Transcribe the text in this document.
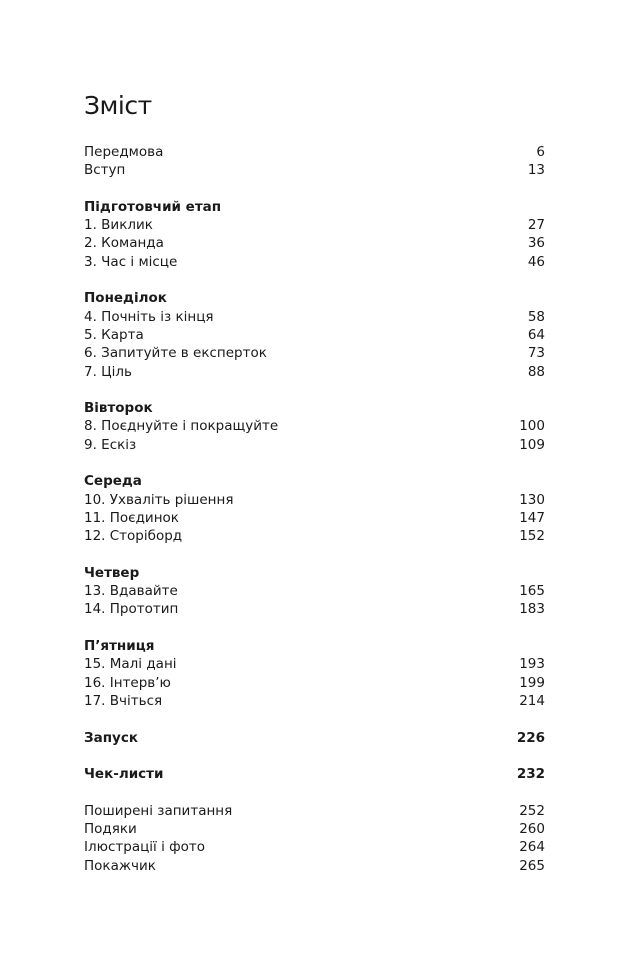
Зміст
Передмова	6
Вступ	13
Підготовчий етап
1. Виклик	27
2. Команда	36
3. Час і місце	46
Понеділок
4. Почніть із кінця	58
5. Карта	64
6. Запитуйте в експерток	73
7. Ціль	88
Вівторок
8. Поєднуйте і покращуйте	100
9. Ескіз	109
Середа
10. Ухваліть рішення	130
11. Поєдинок	147
12. Сторіборд	152
Четвер
13. Вдавайте	165
14. Прототип	183
П’ятниця
15. Малі дані	193
16. Інтерв’ю	199
17. Вчіться	214
Запуск	226
Чек-листи	232
Поширені запитання	252
Подяки	260
Ілюстрації і фото	264
Покажчик	265
